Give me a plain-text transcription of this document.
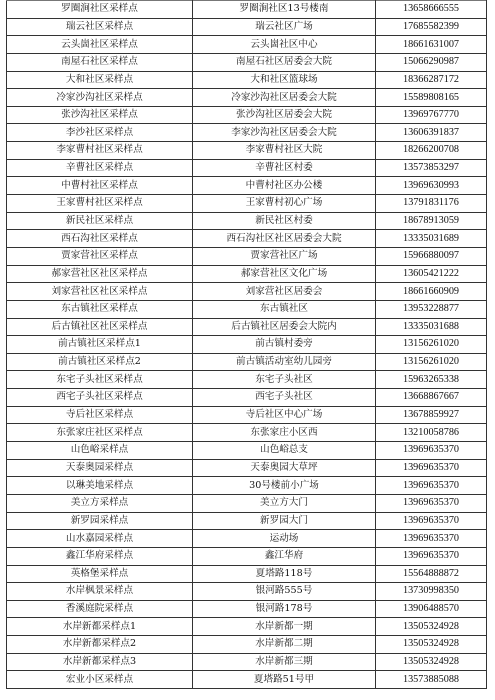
罗圈涧社区采样点	罗圈涧社区13号楼南	13658666555
瑞云社区采样点	瑞云社区广场	17685582399
云头崮社区采样点	云头崮社区中心	18661631007
南屋石社区采样点	南屋石社区居委会大院	15066290987
大和社区采样点	大和社区篮球场	18366287172
冷家沙沟社区采样点	冷家沙沟社区居委会大院	15589808165
张沙沟社区采样点	张沙沟社区居委会大院	13969767770
李沙社区采样点	李家沙沟社区居委会大院	13606391837
李家曹村社区采样点	李家曹村社区大院	18266200708
辛曹社区采样点	辛曹社区村委	13573853297
中曹村社区采样点	中曹村社区办公楼	13969630993
王家曹村社区采样点	王家曹村初心广场	13791831176
新民社区采样点	新民社区村委	18678913059
西石沟社区采样点	西石沟社区社区居委会大院	13335031689
贾家营社区采样点	贾家营社区广场	15966880097
郝家营社区社区采样点	郝家营社区文化广场	13605421222
刘家营社区社区采样点	刘家营社区居委会	18661660909
东古镇社区采样点	东古镇社区	13953228877
后古镇社区社区采样点	后古镇社区居委会大院内	13335031688
前古镇社区采样点1	前古镇村委旁	13156261020
前古镇社区采样点2	前古镇活动室幼儿园旁	13156261020
东宅子头社区采样点	东宅子头社区	15963265338
西宅子头社区采样点	西宅子头社区	13668867667
寺后社区采样点	寺后社区中心广场	13678859927
东张家庄社区采样点	东张家庄小区西	13210058786
山色峪采样点	山色峪总支	13969635370
天泰奥园采样点	天泰奥园大草坪	13969635370
以琳美地采样点	30号楼前小广场	13969635370
美立方采样点	美立方大门	13969635370
新罗园采样点	新罗园大门	13969635370
山水嘉园采样点	运动场	13969635370
鑫江华府采样点	鑫江华府	13969635370
英格堡采样点	夏塔路118号	15564888872
水岸枫景采样点	银河路555号	13730998350
香溪庭院采样点	银河路178号	13906488570
水岸新都采样点1	水岸新都一期	13505324928
水岸新都采样点2	水岸新都二期	13505324928
水岸新都采样点3	水岸新都三期	13505324928
宏业小区采样点	夏塔路51号甲	13573885088
